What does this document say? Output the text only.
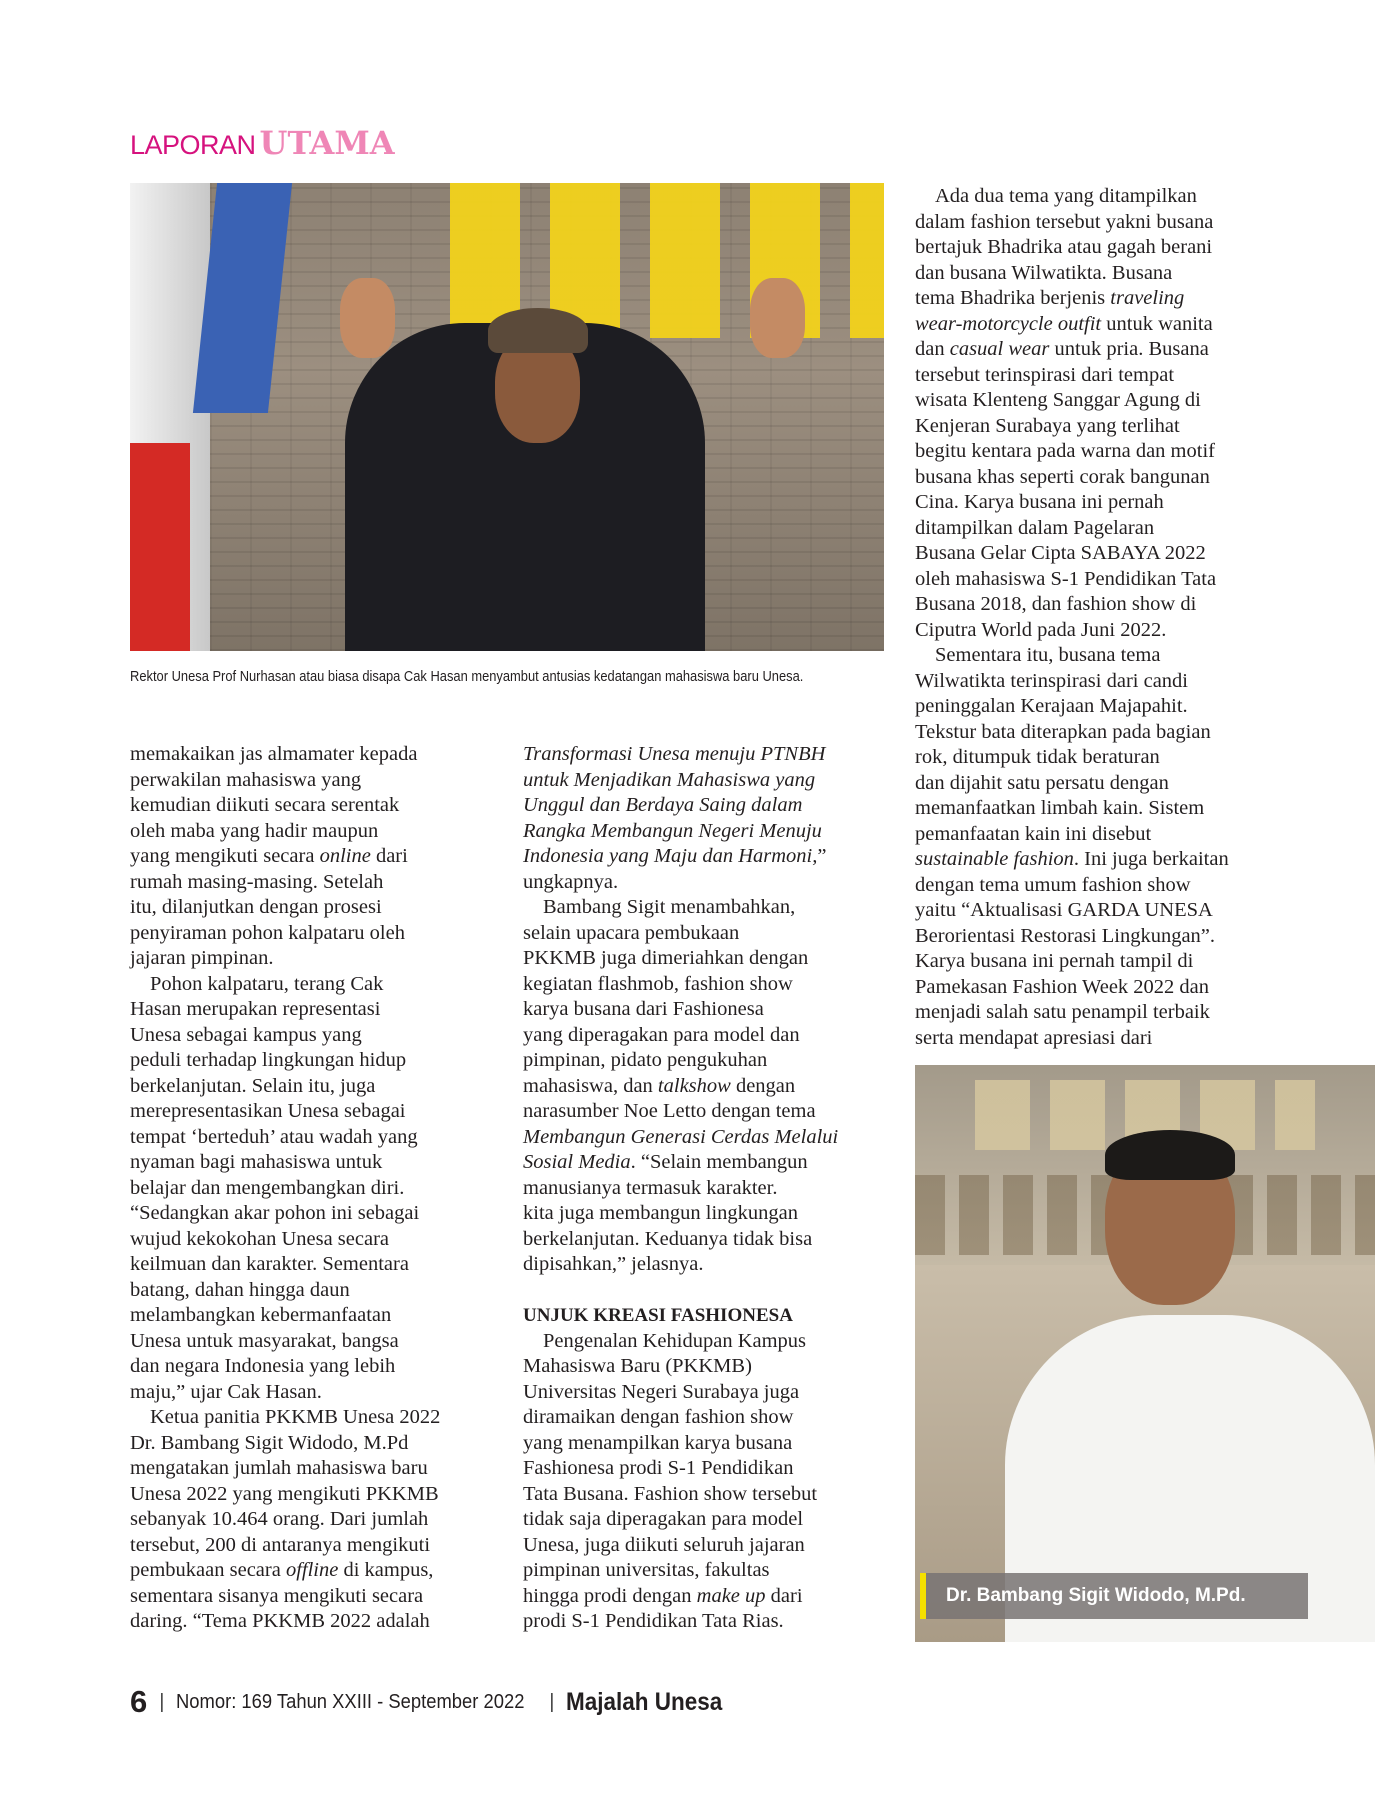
LAPORAN UTAMA
Rektor Unesa Prof Nurhasan atau biasa disapa Cak Hasan menyambut antusias kedatangan mahasiswa baru Unesa.
memakaikan jas almamater kepada
perwakilan mahasiswa yang
kemudian diikuti secara serentak
oleh maba yang hadir maupun
yang mengikuti secara online dari
rumah masing-masing. Setelah
itu, dilanjutkan dengan prosesi
penyiraman pohon kalpataru oleh
jajaran pimpinan.
Pohon kalpataru, terang Cak
Hasan merupakan representasi
Unesa sebagai kampus yang
peduli terhadap lingkungan hidup
berkelanjutan. Selain itu, juga
merepresentasikan Unesa sebagai
tempat ‘berteduh’ atau wadah yang
nyaman bagi mahasiswa untuk
belajar dan mengembangkan diri.
“Sedangkan akar pohon ini sebagai
wujud kekokohan Unesa secara
keilmuan dan karakter. Sementara
batang, dahan hingga daun
melambangkan kebermanfaatan
Unesa untuk masyarakat, bangsa
dan negara Indonesia yang lebih
maju,” ujar Cak Hasan.
Ketua panitia PKKMB Unesa 2022
Dr. Bambang Sigit Widodo, M.Pd
mengatakan jumlah mahasiswa baru
Unesa 2022 yang mengikuti PKKMB
sebanyak 10.464 orang. Dari jumlah
tersebut, 200 di antaranya mengikuti
pembukaan secara offline di kampus,
sementara sisanya mengikuti secara
daring. “Tema PKKMB 2022 adalah
Transformasi Unesa menuju PTNBH
untuk Menjadikan Mahasiswa yang
Unggul dan Berdaya Saing dalam
Rangka Membangun Negeri Menuju
Indonesia yang Maju dan Harmoni,”
ungkapnya.
Bambang Sigit menambahkan,
selain upacara pembukaan
PKKMB juga dimeriahkan dengan
kegiatan flashmob, fashion show
karya busana dari Fashionesa
yang diperagakan para model dan
pimpinan, pidato pengukuhan
mahasiswa, dan talkshow dengan
narasumber Noe Letto dengan tema
Membangun Generasi Cerdas Melalui
Sosial Media. “Selain membangun
manusianya termasuk karakter.
kita juga membangun lingkungan
berkelanjutan. Keduanya tidak bisa
dipisahkan,” jelasnya.
UNJUK KREASI FASHIONESA
Pengenalan Kehidupan Kampus
Mahasiswa Baru (PKKMB)
Universitas Negeri Surabaya juga
diramaikan dengan fashion show
yang menampilkan karya busana
Fashionesa prodi S-1 Pendidikan
Tata Busana. Fashion show tersebut
tidak saja diperagakan para model
Unesa, juga diikuti seluruh jajaran
pimpinan universitas, fakultas
hingga prodi dengan make up dari
prodi S-1 Pendidikan Tata Rias.
Ada dua tema yang ditampilkan
dalam fashion tersebut yakni busana
bertajuk Bhadrika atau gagah berani
dan busana Wilwatikta. Busana
tema Bhadrika berjenis traveling
wear-motorcycle outfit untuk wanita
dan casual wear untuk pria. Busana
tersebut terinspirasi dari tempat
wisata Klenteng Sanggar Agung di
Kenjeran Surabaya yang terlihat
begitu kentara pada warna dan motif
busana khas seperti corak bangunan
Cina. Karya busana ini pernah
ditampilkan dalam Pagelaran
Busana Gelar Cipta SABAYA 2022
oleh mahasiswa S-1 Pendidikan Tata
Busana 2018, dan fashion show di
Ciputra World pada Juni 2022.
Sementara itu, busana tema
Wilwatikta terinspirasi dari candi
peninggalan Kerajaan Majapahit.
Tekstur bata diterapkan pada bagian
rok, ditumpuk tidak beraturan
dan dijahit satu persatu dengan
memanfaatkan limbah kain. Sistem
pemanfaatan kain ini disebut
sustainable fashion. Ini juga berkaitan
dengan tema umum fashion show
yaitu “Aktualisasi GARDA UNESA
Berorientasi Restorasi Lingkungan”.
Karya busana ini pernah tampil di
Pamekasan Fashion Week 2022 dan
menjadi salah satu penampil terbaik
serta mendapat apresiasi dari
Dr. Bambang Sigit Widodo, M.Pd.
6 | Nomor: 169 Tahun XXIII - September 2022 | Majalah Unesa
